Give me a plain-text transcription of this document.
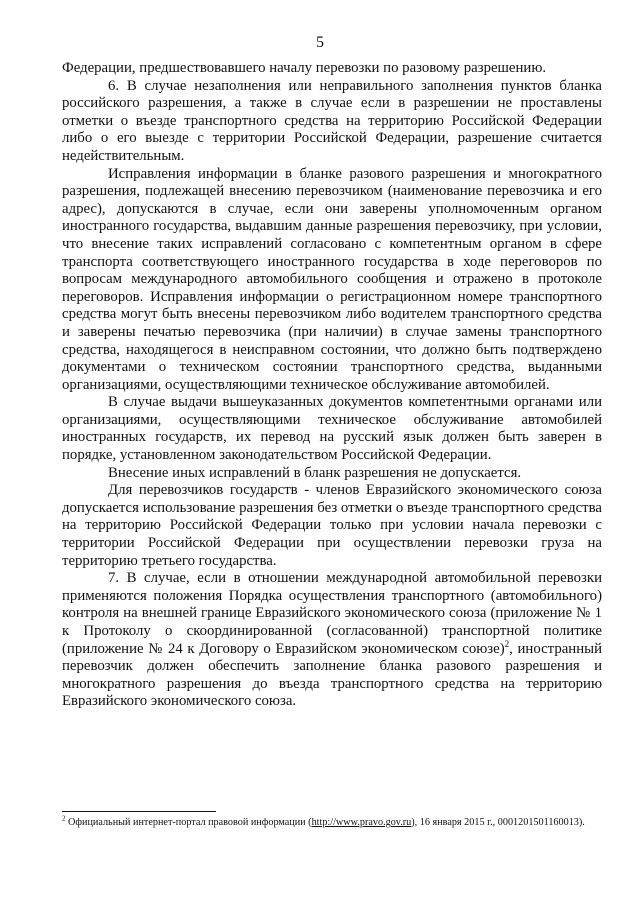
5

Федерации, предшествовавшего началу перевозки по разовому разрешению.

6. В случае незаполнения или неправильного заполнения пунктов бланка российского разрешения, а также в случае если в разрешении не проставлены отметки о въезде транспортного средства на территорию Российской Федерации либо о его выезде с территории Российской Федерации, разрешение считается недействительным.

Исправления информации в бланке разового разрешения и многократного разрешения, подлежащей внесению перевозчиком (наименование перевозчика и его адрес), допускаются в случае, если они заверены уполномоченным органом иностранного государства, выдавшим данные разрешения перевозчику, при условии, что внесение таких исправлений согласовано с компетентным органом в сфере транспорта соответствующего иностранного государства в ходе переговоров по вопросам международного автомобильного сообщения и отражено в протоколе переговоров. Исправления информации о регистрационном номере транспортного средства могут быть внесены перевозчиком либо водителем транспортного средства и заверены печатью перевозчика (при наличии) в случае замены транспортного средства, находящегося в неисправном состоянии, что должно быть подтверждено документами о техническом состоянии транспортного средства, выданными организациями, осуществляющими техническое обслуживание автомобилей.

В случае выдачи вышеуказанных документов компетентными органами или организациями, осуществляющими техническое обслуживание автомобилей иностранных государств, их перевод на русский язык должен быть заверен в порядке, установленном законодательством Российской Федерации.

Внесение иных исправлений в бланк разрешения не допускается.

Для перевозчиков государств - членов Евразийского экономического союза допускается использование разрешения без отметки о въезде транспортного средства на территорию Российской Федерации только при условии начала перевозки с территории Российской Федерации при осуществлении перевозки груза на территорию третьего государства.

7. В случае, если в отношении международной автомобильной перевозки применяются положения Порядка осуществления транспортного (автомобильного) контроля на внешней границе Евразийского экономического союза (приложение № 1 к Протоколу о скоординированной (согласованной) транспортной политике (приложение № 24 к Договору о Евразийском экономическом союзе)$^2$, иностранный перевозчик должен обеспечить заполнение бланка разового разрешения и многократного разрешения до въезда транспортного средства на территорию Евразийского экономического союза.

$^2$ Официальный интернет-портал правовой информации (http://www.pravo.gov.ru), 16 января 2015 г., 0001201501160013).
